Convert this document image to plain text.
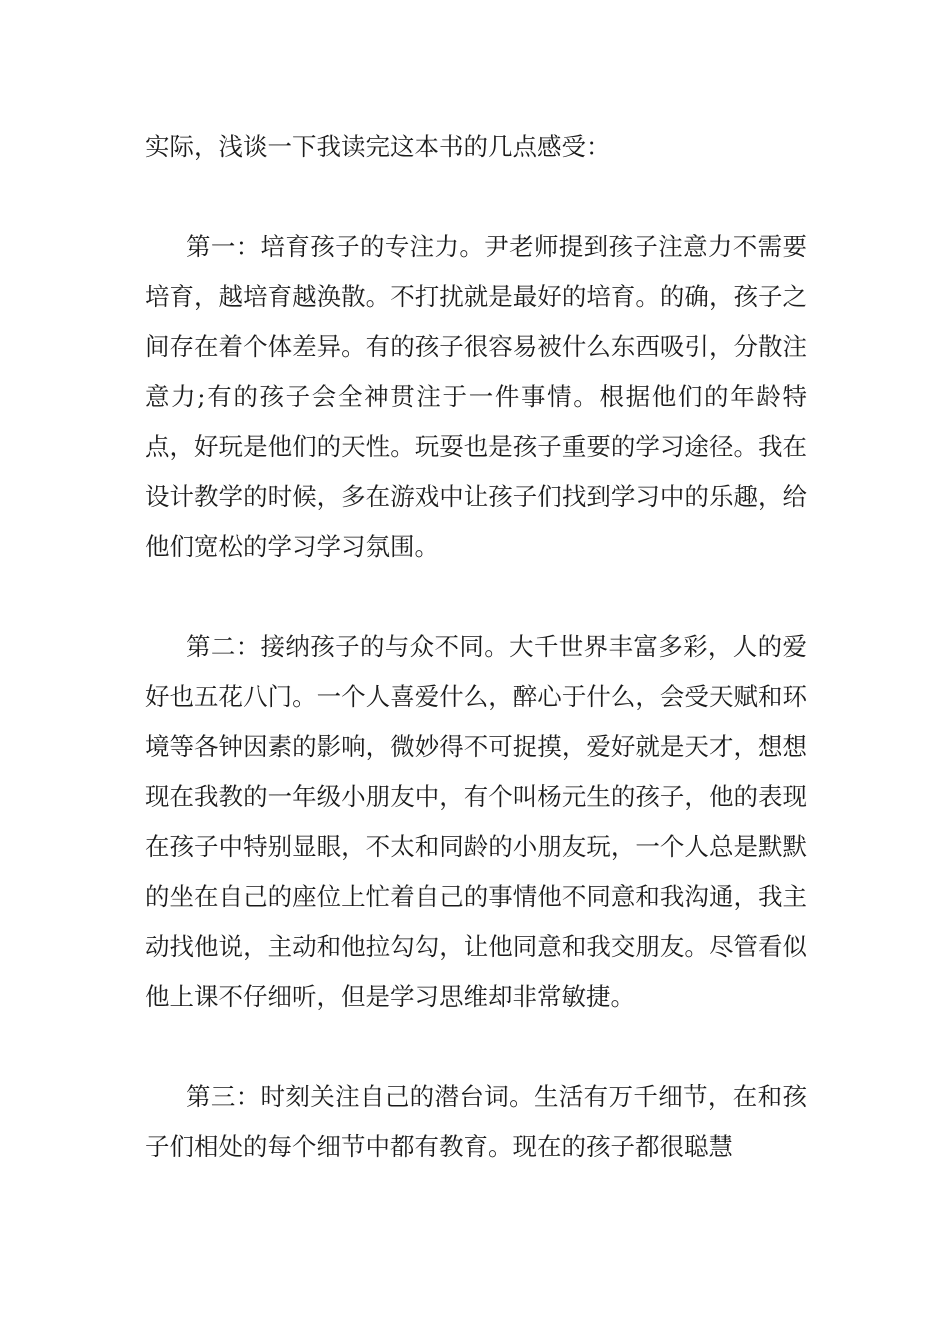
实际，浅谈一下我读完这本书的几点感受：

第一：培育孩子的专注力。尹老师提到孩子注意力不需要培育，越培育越涣散。不打扰就是最好的培育。的确，孩子之间存在着个体差异。有的孩子很容易被什么东西吸引，分散注意力;有的孩子会全神贯注于一件事情。根据他们的年龄特点，好玩是他们的天性。玩耍也是孩子重要的学习途径。我在设计教学的时候，多在游戏中让孩子们找到学习中的乐趣，给他们宽松的学习学习氛围。

第二：接纳孩子的与众不同。大千世界丰富多彩，人的爱好也五花八门。一个人喜爱什么，醉心于什么，会受天赋和环境等各钟因素的影响，微妙得不可捉摸，爱好就是天才，想想现在我教的一年级小朋友中，有个叫杨元生的孩子，他的表现在孩子中特别显眼，不太和同龄的小朋友玩，一个人总是默默的坐在自己的座位上忙着自己的事情他不同意和我沟通，我主动找他说，主动和他拉勾勾，让他同意和我交朋友。尽管看似他上课不仔细听，但是学习思维却非常敏捷。

第三：时刻关注自己的潜台词。生活有万千细节，在和孩子们相处的每个细节中都有教育。现在的孩子都很聪慧
